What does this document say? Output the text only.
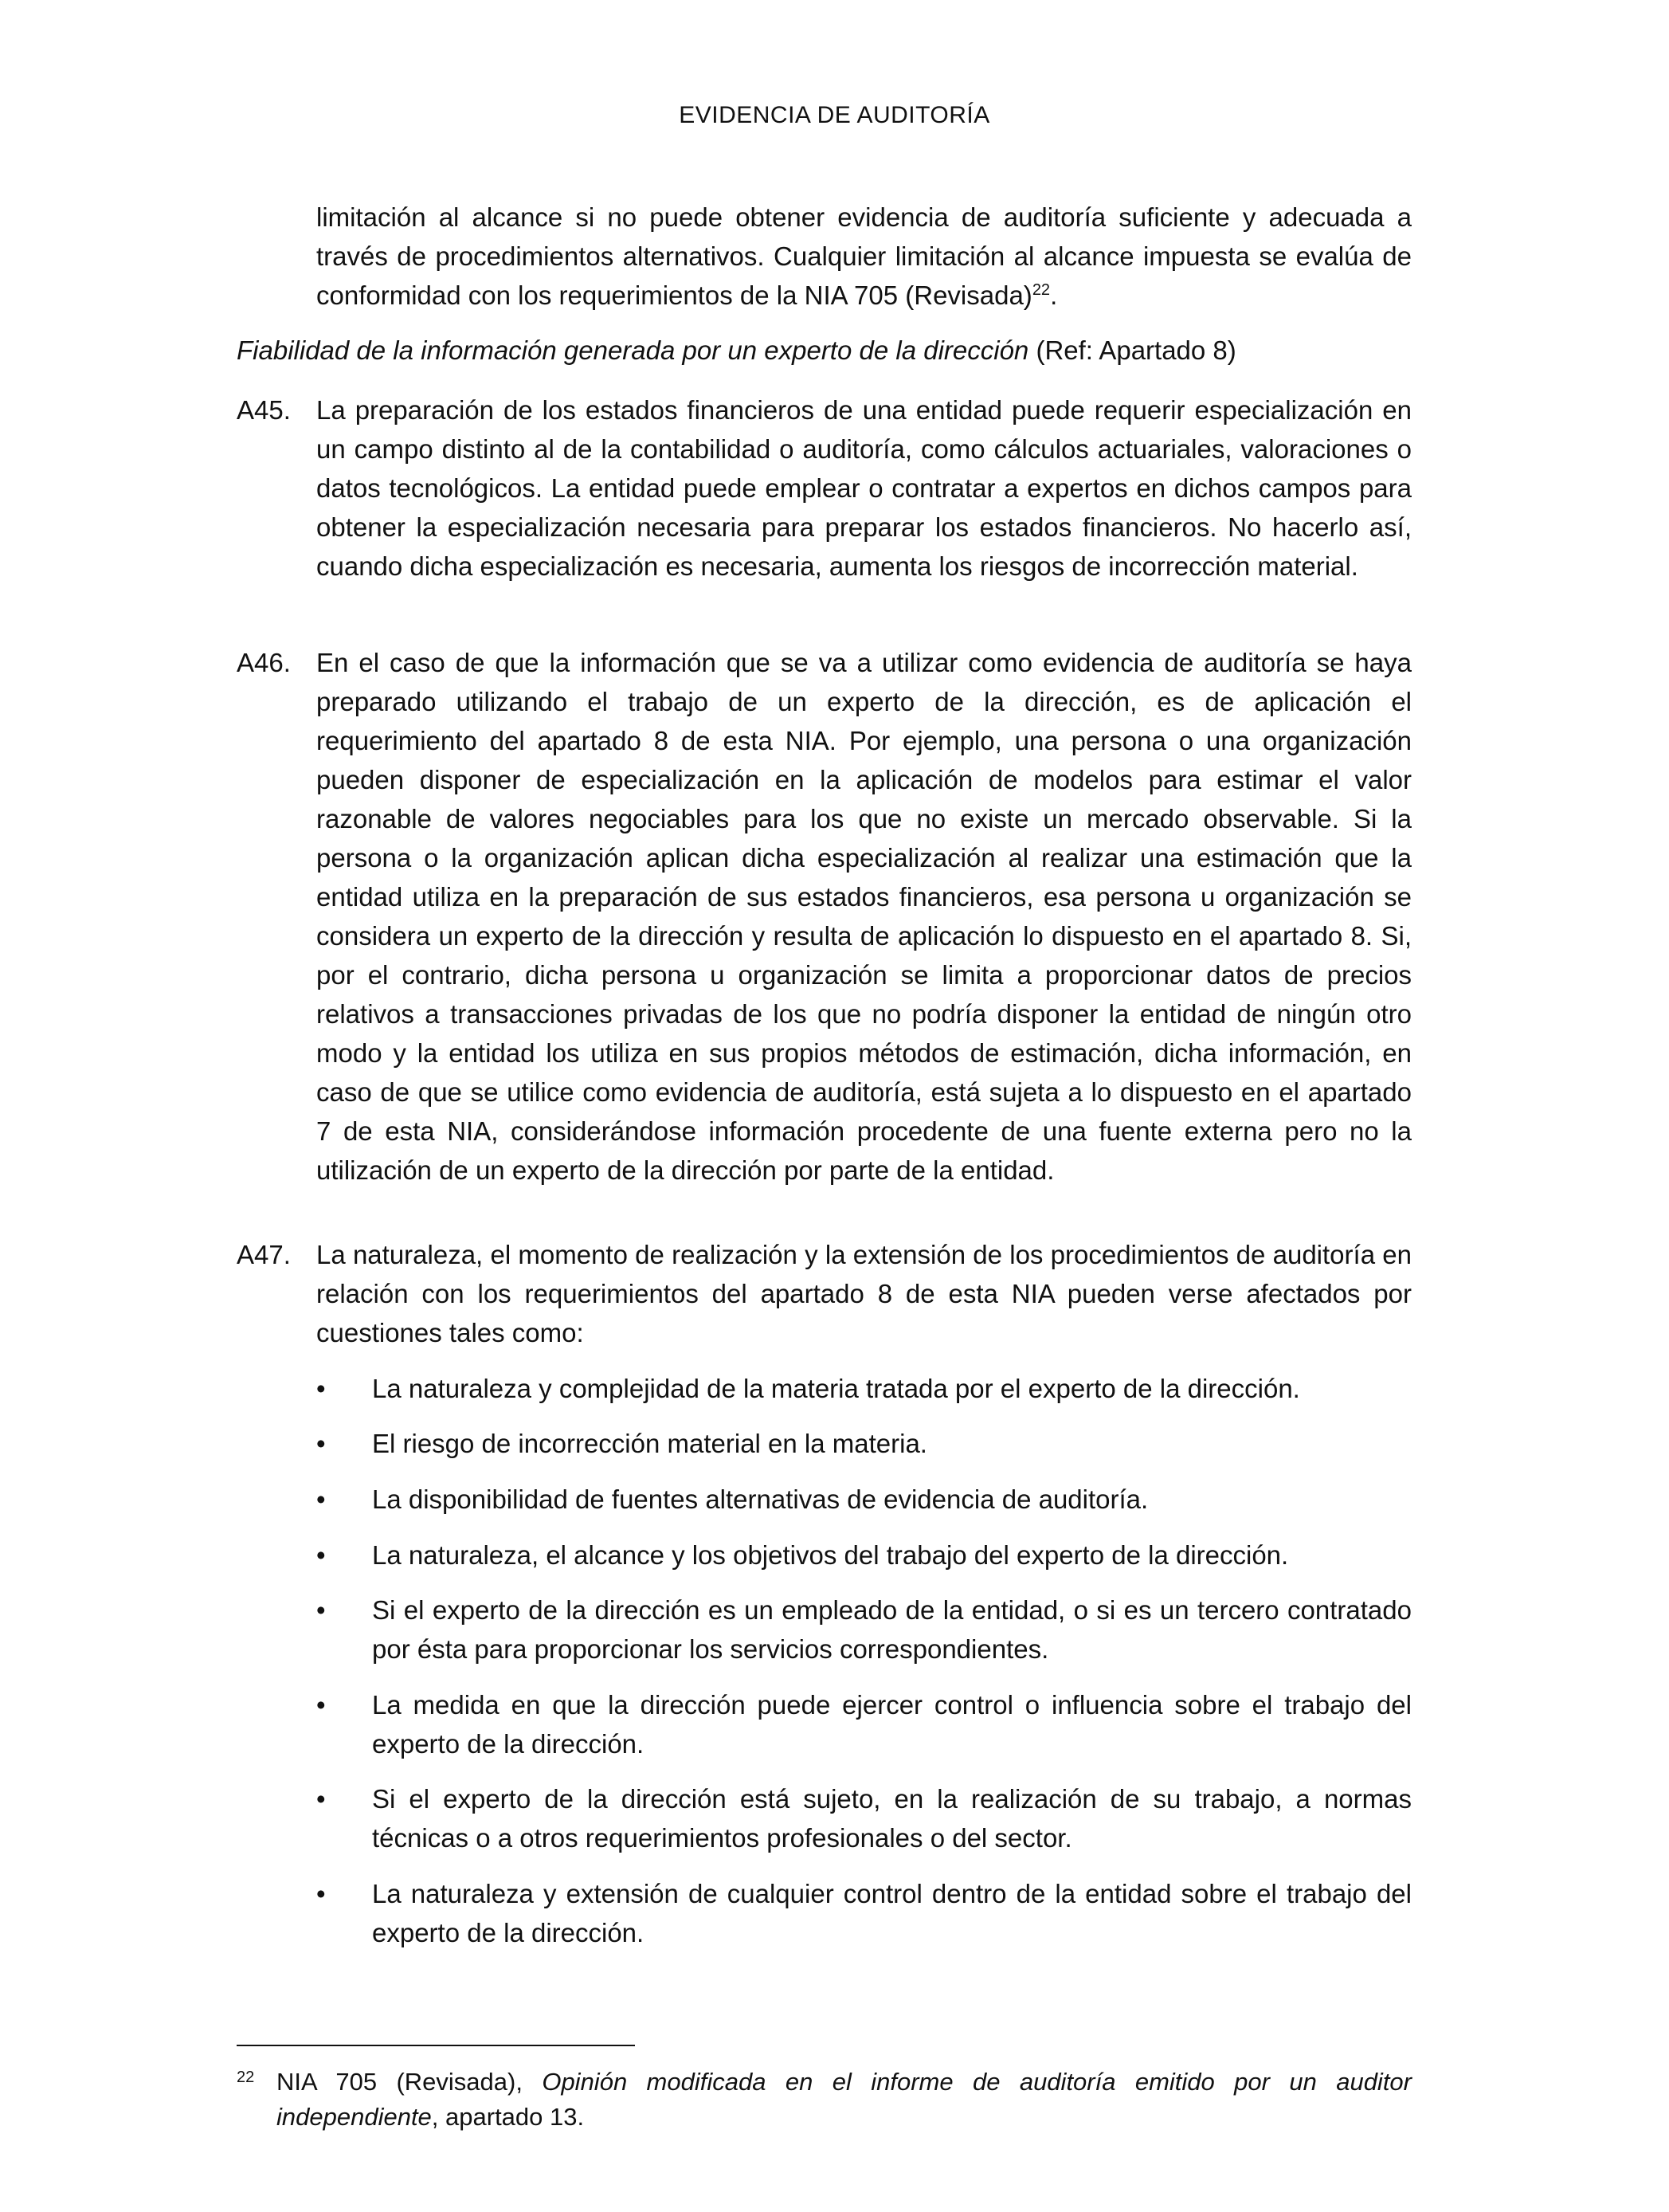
EVIDENCIA DE AUDITORÍA
limitación al alcance si no puede obtener evidencia de auditoría suficiente y adecuada a través de procedimientos alternativos. Cualquier limitación al alcance impuesta se evalúa de conformidad con los requerimientos de la NIA 705 (Revisada)$^{22}$.
Fiabilidad de la información generada por un experto de la dirección (Ref: Apartado 8)
A45. La preparación de los estados financieros de una entidad puede requerir especialización en un campo distinto al de la contabilidad o auditoría, como cálculos actuariales, valoraciones o datos tecnológicos. La entidad puede emplear o contratar a expertos en dichos campos para obtener la especialización necesaria para preparar los estados financieros. No hacerlo así, cuando dicha especialización es necesaria, aumenta los riesgos de incorrección material.
A46. En el caso de que la información que se va a utilizar como evidencia de auditoría se haya preparado utilizando el trabajo de un experto de la dirección, es de aplicación el requerimiento del apartado 8 de esta NIA. Por ejemplo, una persona o una organización pueden disponer de especialización en la aplicación de modelos para estimar el valor razonable de valores negociables para los que no existe un mercado observable. Si la persona o la organización aplican dicha especialización al realizar una estimación que la entidad utiliza en la preparación de sus estados financieros, esa persona u organización se considera un experto de la dirección y resulta de aplicación lo dispuesto en el apartado 8. Si, por el contrario, dicha persona u organización se limita a proporcionar datos de precios relativos a transacciones privadas de los que no podría disponer la entidad de ningún otro modo y la entidad los utiliza en sus propios métodos de estimación, dicha información, en caso de que se utilice como evidencia de auditoría, está sujeta a lo dispuesto en el apartado 7 de esta NIA, considerándose información procedente de una fuente externa pero no la utilización de un experto de la dirección por parte de la entidad.
A47. La naturaleza, el momento de realización y la extensión de los procedimientos de auditoría en relación con los requerimientos del apartado 8 de esta NIA pueden verse afectados por cuestiones tales como:
• La naturaleza y complejidad de la materia tratada por el experto de la dirección.
• El riesgo de incorrección material en la materia.
• La disponibilidad de fuentes alternativas de evidencia de auditoría.
• La naturaleza, el alcance y los objetivos del trabajo del experto de la dirección.
• Si el experto de la dirección es un empleado de la entidad, o si es un tercero contratado por ésta para proporcionar los servicios correspondientes.
• La medida en que la dirección puede ejercer control o influencia sobre el trabajo del experto de la dirección.
• Si el experto de la dirección está sujeto, en la realización de su trabajo, a normas técnicas o a otros requerimientos profesionales o del sector.
• La naturaleza y extensión de cualquier control dentro de la entidad sobre el trabajo del experto de la dirección.
22 NIA 705 (Revisada), Opinión modificada en el informe de auditoría emitido por un auditor independiente, apartado 13.
